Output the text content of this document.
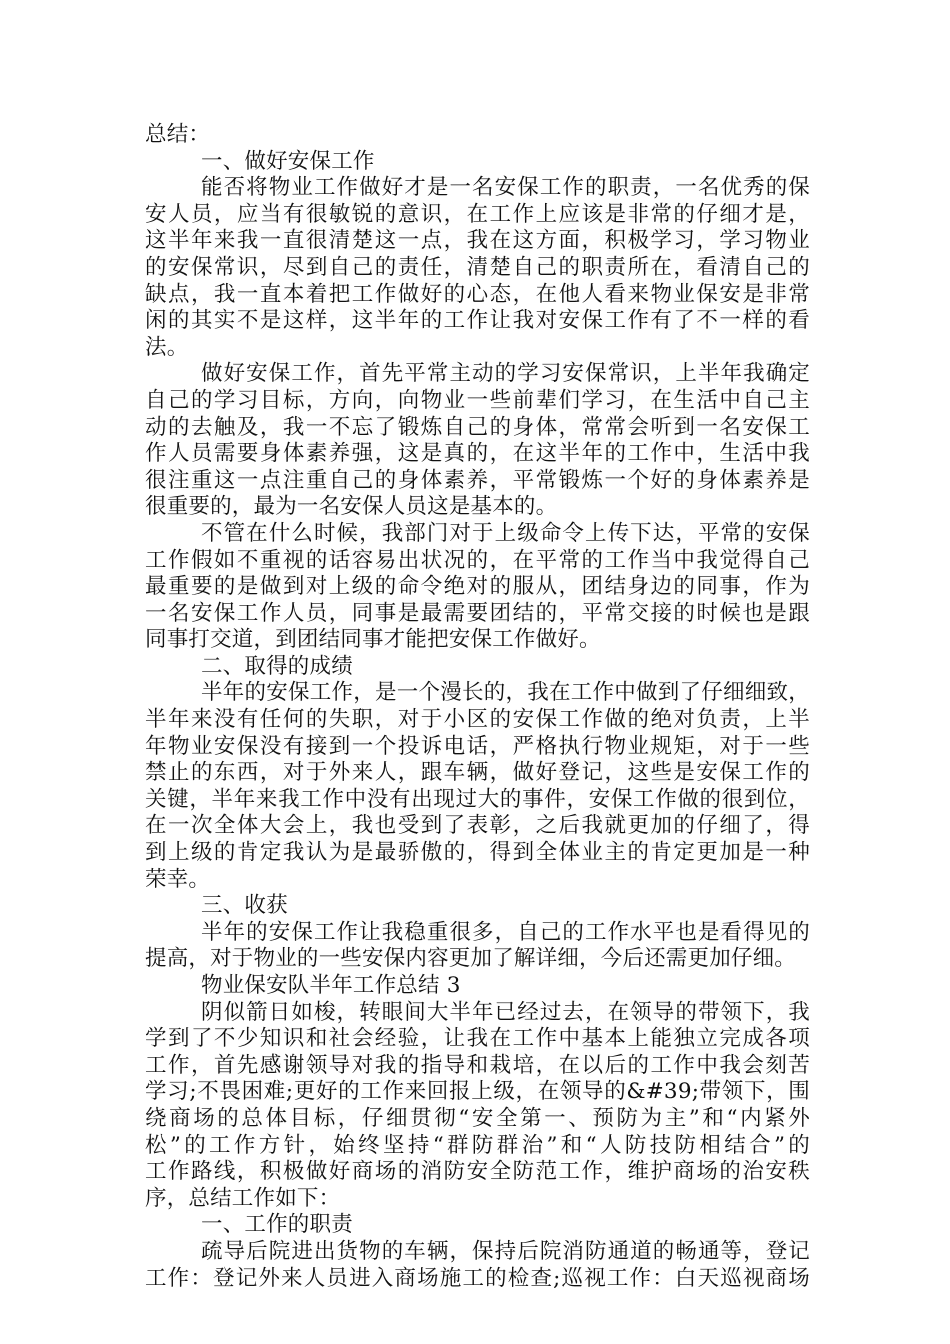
总结：
一、做好安保工作
能否将物业工作做好才是一名安保工作的职责，一名优秀的保
安人员，应当有很敏锐的意识，在工作上应该是非常的仔细才是，
这半年来我一直很清楚这一点，我在这方面，积极学习，学习物业
的安保常识，尽到自己的责任，清楚自己的职责所在，看清自己的
缺点，我一直本着把工作做好的心态，在他人看来物业保安是非常
闲的其实不是这样，这半年的工作让我对安保工作有了不一样的看
法。
做好安保工作，首先平常主动的学习安保常识，上半年我确定
自己的学习目标，方向，向物业一些前辈们学习，在生活中自己主
动的去触及，我一不忘了锻炼自己的身体，常常会听到一名安保工
作人员需要身体素养强，这是真的，在这半年的工作中，生活中我
很注重这一点注重自己的身体素养，平常锻炼一个好的身体素养是
很重要的，最为一名安保人员这是基本的。
不管在什么时候，我部门对于上级命令上传下达，平常的安保
工作假如不重视的话容易出状况的，在平常的工作当中我觉得自己
最重要的是做到对上级的命令绝对的服从，团结身边的同事，作为
一名安保工作人员，同事是最需要团结的，平常交接的时候也是跟
同事打交道，到团结同事才能把安保工作做好。
二、取得的成绩
半年的安保工作，是一个漫长的，我在工作中做到了仔细细致，
半年来没有任何的失职，对于小区的安保工作做的绝对负责，上半
年物业安保没有接到一个投诉电话，严格执行物业规矩，对于一些
禁止的东西，对于外来人，跟车辆，做好登记，这些是安保工作的
关键，半年来我工作中没有出现过大的事件，安保工作做的很到位，
在一次全体大会上，我也受到了表彰，之后我就更加的仔细了，得
到上级的肯定我认为是最骄傲的，得到全体业主的肯定更加是一种
荣幸。
三、收获
半年的安保工作让我稳重很多，自己的工作水平也是看得见的
提高，对于物业的一些安保内容更加了解详细，今后还需更加仔细。
物业保安队半年工作总结 3
阴似箭日如梭，转眼间大半年已经过去，在领导的带领下，我
学到了不少知识和社会经验，让我在工作中基本上能独立完成各项
工作，首先感谢领导对我的指导和栽培，在以后的工作中我会刻苦
学习;不畏困难;更好的工作来回报上级，在领导的&#39;带领下，围
绕商场的总体目标，仔细贯彻“安全第一、预防为主”和“内紧外
松”的工作方针，始终坚持“群防群治”和“人防技防相结合”的
工作路线，积极做好商场的消防安全防范工作，维护商场的治安秩
序，总结工作如下：
一、工作的职责
疏导后院进出货物的车辆，保持后院消防通道的畅通等，登记
工作：登记外来人员进入商场施工的检查;巡视工作：白天巡视商场
